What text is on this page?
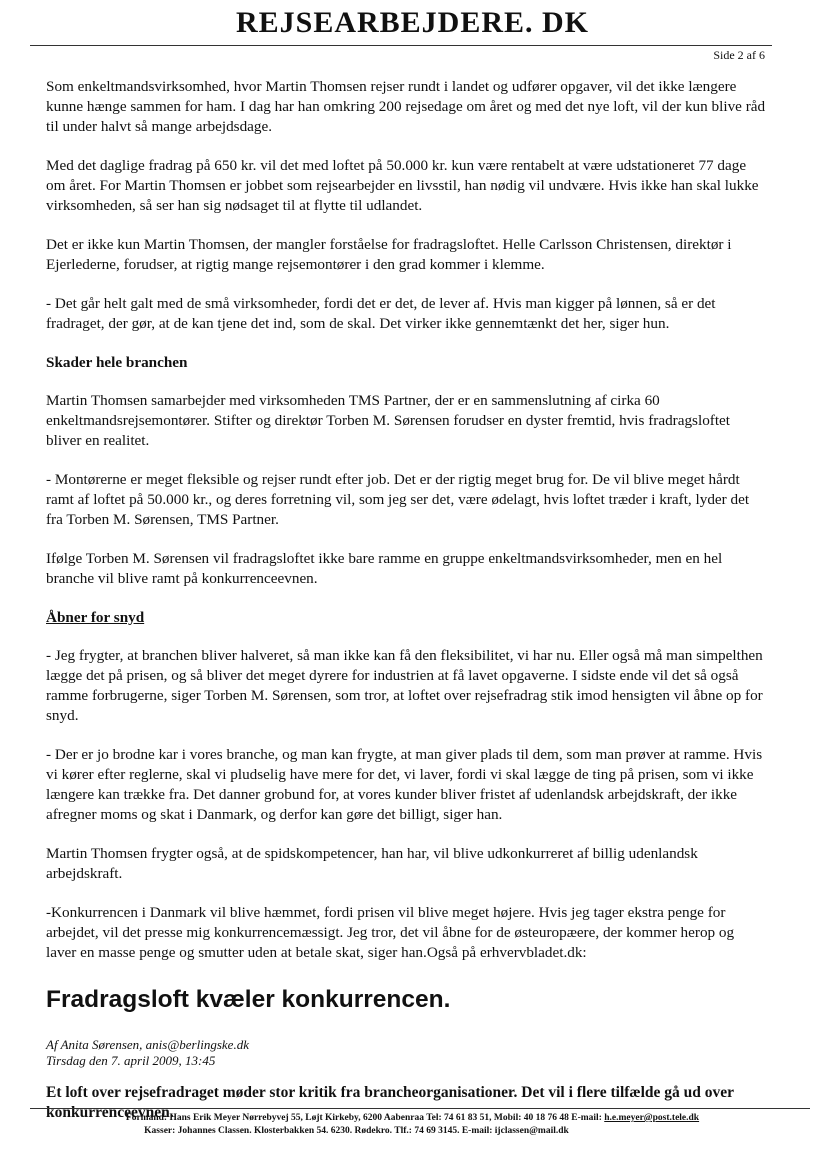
REJSEARBEJDERE. DK
Side 2 af 6

Som enkeltmandsvirksomhed, hvor Martin Thomsen rejser rundt i landet og udfører opgaver, vil det ikke længere kunne hænge sammen for ham. I dag har han omkring 200 rejsedage om året og med det nye loft, vil der kun blive råd til under halvt så mange arbejdsdage.

Med det daglige fradrag på 650 kr. vil det med loftet på 50.000 kr. kun være rentabelt at være udstationeret 77 dage om året. For Martin Thomsen er jobbet som rejsearbejder en livsstil, han nødig vil undvære. Hvis ikke han skal lukke virksomheden, så ser han sig nødsaget til at flytte til udlandet.

Det er ikke kun Martin Thomsen, der mangler forståelse for fradragsloftet. Helle Carlsson Christensen, direktør i Ejerlederne, forudser, at rigtig mange rejsemontører i den grad kommer i klemme.

- Det går helt galt med de små virksomheder, fordi det er det, de lever af. Hvis man kigger på lønnen, så er det fradraget, der gør, at de kan tjene det ind, som de skal. Det virker ikke gennemtænkt det her, siger hun.

Skader hele branchen

Martin Thomsen samarbejder med virksomheden TMS Partner, der er en sammenslutning af cirka 60 enkeltmandsrejsemontører. Stifter og direktør Torben M. Sørensen forudser en dyster fremtid, hvis fradragsloftet bliver en realitet.

- Montørerne er meget fleksible og rejser rundt efter job. Det er der rigtig meget brug for. De vil blive meget hårdt ramt af loftet på 50.000 kr., og deres forretning vil, som jeg ser det, være ødelagt, hvis loftet træder i kraft, lyder det fra Torben M. Sørensen, TMS Partner.

Ifølge Torben M. Sørensen vil fradragsloftet ikke bare ramme en gruppe enkeltmandsvirksomheder, men en hel branche vil blive ramt på konkurrenceevnen.

Åbner for snyd

- Jeg frygter, at branchen bliver halveret, så man ikke kan få den fleksibilitet, vi har nu. Eller også må man simpelthen lægge det på prisen, og så bliver det meget dyrere for industrien at få lavet opgaverne. I sidste ende vil det så også ramme forbrugerne, siger Torben M. Sørensen, som tror, at loftet over rejsefradrag stik imod hensigten vil åbne op for snyd.

- Der er jo brodne kar i vores branche, og man kan frygte, at man giver plads til dem, som man prøver at ramme. Hvis vi kører efter reglerne, skal vi pludselig have mere for det, vi laver, fordi vi skal lægge de ting på prisen, som vi ikke længere kan trække fra. Det danner grobund for, at vores kunder bliver fristet af udenlandsk arbejdskraft, der ikke afregner moms og skat i Danmark, og derfor kan gøre det billigt, siger han.

Martin Thomsen frygter også, at de spidskompetencer, han har, vil blive udkonkurreret af billig udenlandsk arbejdskraft.

-Konkurrencen i Danmark vil blive hæmmet, fordi prisen vil blive meget højere. Hvis jeg tager ekstra penge for arbejdet, vil det presse mig konkurrencemæssigt. Jeg tror, det vil åbne for de østeuropæere, der kommer herop og laver en masse penge og smutter uden at betale skat, siger han.Også på erhvervbladet.dk:

Fradragsloft kvæler konkurrencen.
Af Anita Sørensen, anis@berlingske.dk
Tirsdag den 7. april 2009, 13:45

Et loft over rejsefradraget møder stor kritik fra brancheorganisationer. Det vil i flere tilfælde gå ud over konkurrenceevnen.

Formand: Hans Erik Meyer Nørrebyvej 55, Løjt Kirkeby, 6200 Aabenraa Tel: 74 61 83 51, Mobil: 40 18 76 48 E-mail: h.e.meyer@post.tele.dk
Kasser: Johannes Classen. Klosterbakken 54. 6230. Rødekro. Tlf.: 74 69 3145. E-mail: ijclassen@mail.dk
